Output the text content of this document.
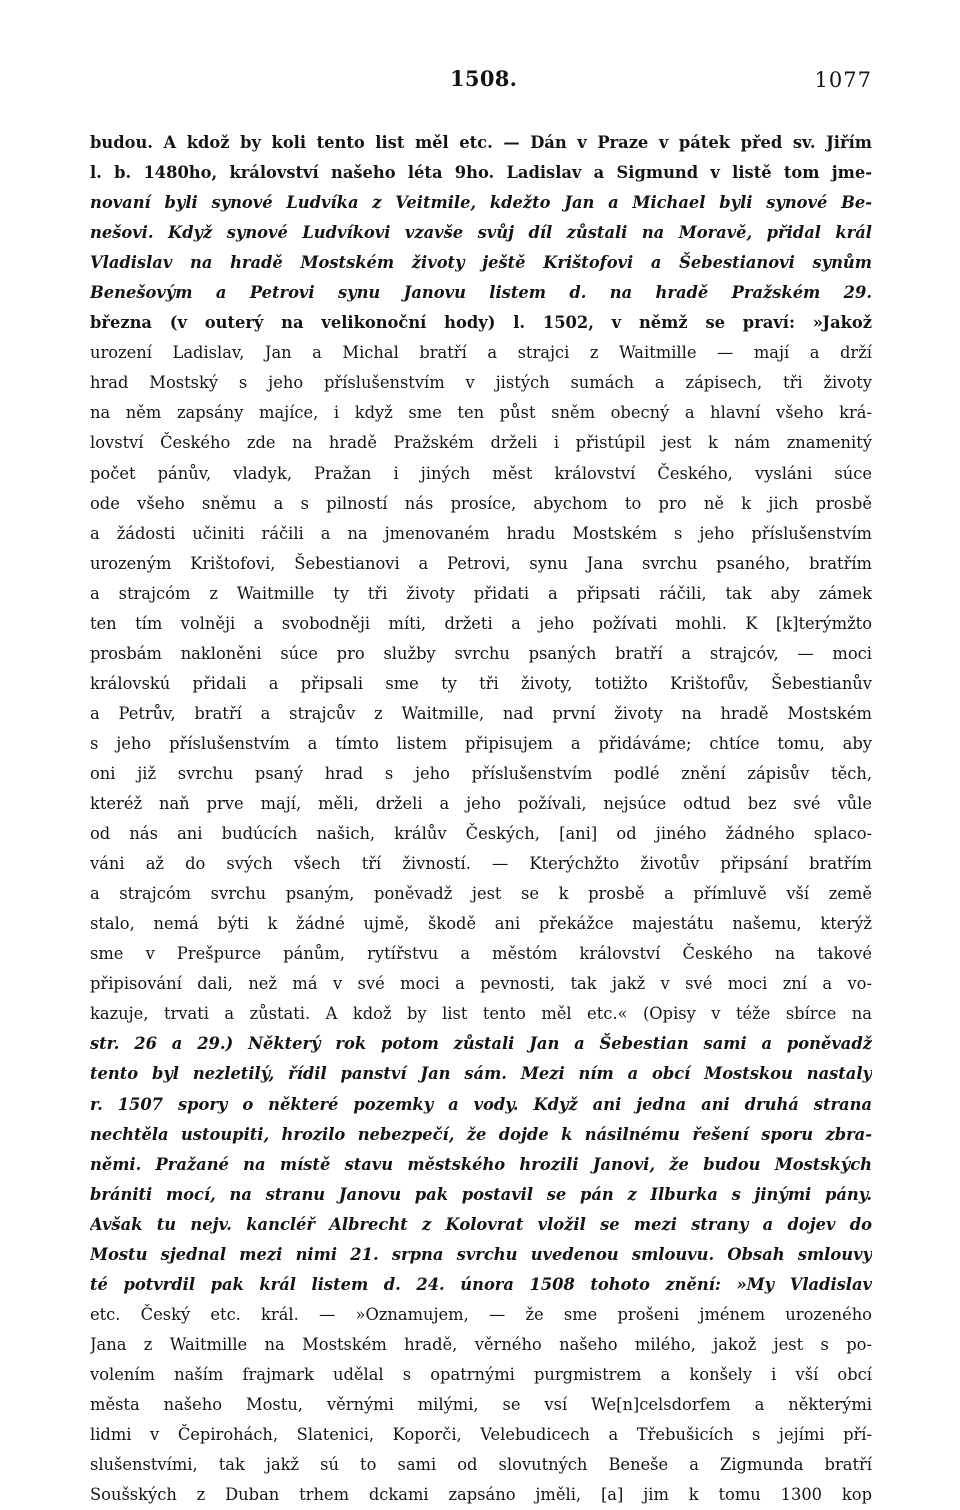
1508.	1077
budou. A kdož by koli tento list měl etc. — Dán v Praze v pátek před sv. Jiřím
l. b. 1480ho, království našeho léta 9ho. Ladislav a Sigmund v listě tom jme-
novaní byli synové Ludvíka z Veitmile, kdežto Jan a Michael byli synové Be-
nešovi. Když synové Ludvíkovi vzavše svůj díl zůstali na Moravě, přidal král
Vladislav na hradě Mostském životy ještě Krištofovi a Šebestianovi synům
Benešovým a Petrovi synu Janovu listem d. na hradě Pražském 29.
března (v outerý na velikonoční hody) l. 1502, v němž se praví: »Jakož
urození Ladislav, Jan a Michal bratří a strajci z Waitmille — mají a drží
hrad Mostský s jeho příslušenstvím v jistých sumách a zápisech, tři životy
na něm zapsány majíce, i když sme ten půst sněm obecný a hlavní všeho krá-
lovství Českého zde na hradě Pražském drželi i přistúpil jest k nám znamenitý
počet pánův, vladyk, Pražan i jiných měst království Českého, vysláni súce
ode všeho sněmu a s pilností nás prosíce, abychom to pro ně k jich prosbě
a žádosti učiniti ráčili a na jmenovaném hradu Mostském s jeho příslušenstvím
urozeným Krištofovi, Šebestianovi a Petrovi, synu Jana svrchu psaného, bratřím
a strajcóm z Waitmille ty tři životy přidati a připsati ráčili, tak aby zámek
ten tím volněji a svobodněji míti, držeti a jeho požívati mohli. K [k]terýmžto
prosbám nakloněni súce pro služby svrchu psaných bratří a strajcóv, — moci
královskú přidali a připsali sme ty tři životy, totižto Krištofův, Šebestianův
a Petrův, bratří a strajcův z Waitmille, nad první životy na hradě Mostském
s jeho příslušenstvím a tímto listem připisujem a přidáváme; chtíce tomu, aby
oni již svrchu psaný hrad s jeho příslušenstvím podlé znění zápisův těch,
kteréž naň prve mají, měli, drželi a jeho požívali, nejsúce odtud bez své vůle
od nás ani budúcích našich, králův Českých, [ani] od jiného žádného splaco-
váni až do svých všech tří živností. — Kterýchžto životův připsání bratřím
a strajcóm svrchu psaným, poněvadž jest se k prosbě a přímluvě vší země
stalo, nemá býti k žádné ujmě, škodě ani překážce majestátu našemu, kterýž
sme v Prešpurce pánům, rytířstvu a městóm království Českého na takové
připisování dali, než má v své moci a pevnosti, tak jakž v své moci zní a vo-
kazuje, trvati a zůstati. A kdož by list tento měl etc.« (Opisy v téže sbírce na
str. 26 a 29.) Některý rok potom zůstali Jan a Šebestian sami a poněvadž
tento byl nezletilý, řídil panství Jan sám. Mezi ním a obcí Mostskou nastaly
r. 1507 spory o některé pozemky a vody. Když ani jedna ani druhá strana
nechtěla ustoupiti, hrozilo nebezpečí, že dojde k násilnému řešení sporu zbra-
němi. Pražané na místě stavu městského hrozili Janovi, že budou Mostských
brániti mocí, na stranu Janovu pak postavil se pán z Ilburka s jinými pány.
Avšak tu nejv. kancléř Albrecht z Kolovrat vložil se mezi strany a dojev do
Mostu sjednal mezi nimi 21. srpna svrchu uvedenou smlouvu. Obsah smlouvy
té potvrdil pak král listem d. 24. února 1508 tohoto znění: »My Vladislav
etc. Český etc. král. — »Oznamujem, — že sme prošeni jménem urozeného
Jana z Waitmille na Mostském hradě, věrného našeho milého, jakož jest s po-
volením naším frajmark udělal s opatrnými purgmistrem a konšely i vší obcí
města našeho Mostu, věrnými milými, se vsí We[n]celsdorfem a některými
lidmi v Čepirohách, Slatenici, Koporči, Velebudicech a Třebušicích s jejími pří-
slušenstvími, tak jakž sú to sami od slovutných Beneše a Zigmunda bratří
Soušských z Duban trhem dckami zapsáno jměli, [a] jim k tomu 1300 kop
